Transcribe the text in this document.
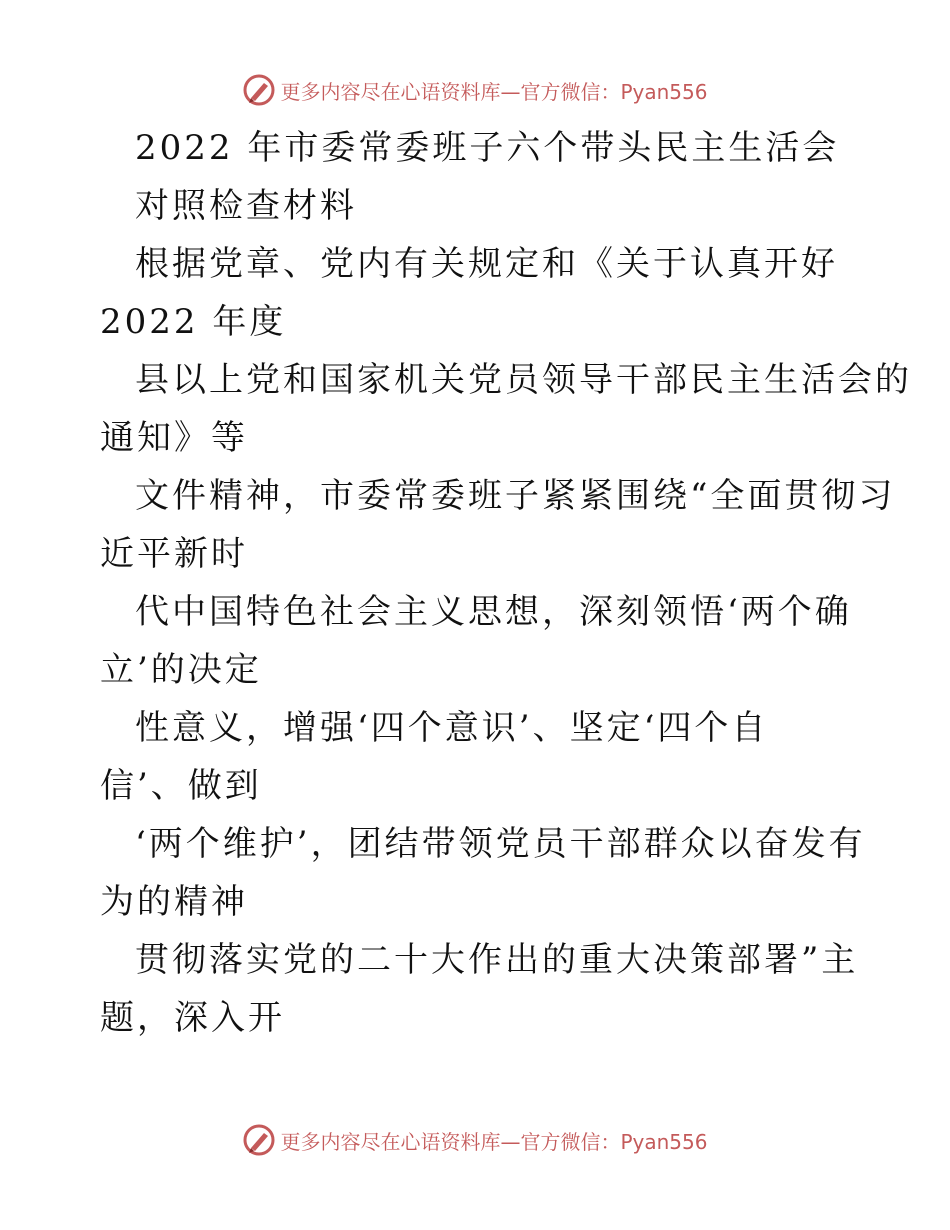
更多内容尽在心语资料库—官方微信：Pyan556
2022 年市委常委班子六个带头民主生活会
对照检查材料
根据党章、党内有关规定和《关于认真开好
2022 年度
县以上党和国家机关党员领导干部民主生活会的
通知》等
文件精神，市委常委班子紧紧围绕“全面贯彻习
近平新时
代中国特色社会主义思想，深刻领悟‘两个确
立’的决定
性意义，增强‘四个意识’、坚定‘四个自
信’、做到
‘两个维护’，团结带领党员干部群众以奋发有
为的精神
贯彻落实党的二十大作出的重大决策部署”主
题，深入开
更多内容尽在心语资料库—官方微信：Pyan556
